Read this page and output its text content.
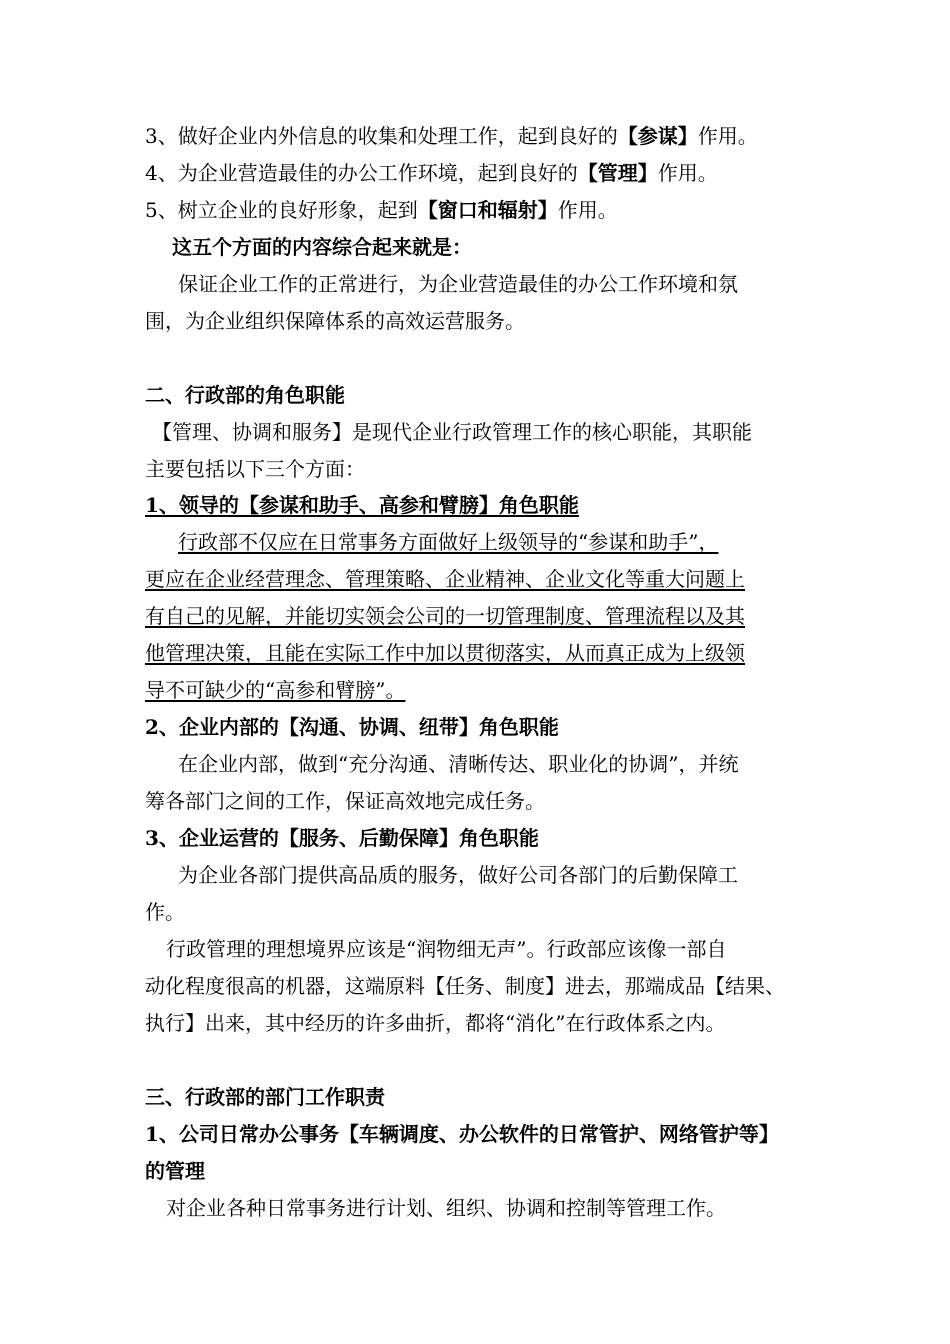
3、做好企业内外信息的收集和处理工作，起到良好的【参谋】作用。
4、为企业营造最佳的办公工作环境，起到良好的【管理】作用。
5、树立企业的良好形象，起到【窗口和辐射】作用。
这五个方面的内容综合起来就是：
保证企业工作的正常进行，为企业营造最佳的办公工作环境和氛
围，为企业组织保障体系的高效运营服务。
二、行政部的角色职能
【管理、协调和服务】是现代企业行政管理工作的核心职能，其职能
主要包括以下三个方面：
1、领导的【参谋和助手、高参和臂膀】角色职能
行政部不仅应在日常事务方面做好上级领导的“参谋和助手”，
更应在企业经营理念、管理策略、企业精神、企业文化等重大问题上
有自己的见解，并能切实领会公司的一切管理制度、管理流程以及其
他管理决策，且能在实际工作中加以贯彻落实，从而真正成为上级领
导不可缺少的“高参和臂膀”。
2、企业内部的【沟通、协调、纽带】角色职能
在企业内部，做到“充分沟通、清晰传达、职业化的协调”，并统
筹各部门之间的工作，保证高效地完成任务。
3、企业运营的【服务、后勤保障】角色职能
为企业各部门提供高品质的服务，做好公司各部门的后勤保障工
作。
行政管理的理想境界应该是“润物细无声”。行政部应该像一部自
动化程度很高的机器，这端原料【任务、制度】进去，那端成品【结果、
执行】出来，其中经历的许多曲折，都将“消化”在行政体系之内。
三、行政部的部门工作职责
1、公司日常办公事务【车辆调度、办公软件的日常管护、网络管护等】
的管理
对企业各种日常事务进行计划、组织、协调和控制等管理工作。
